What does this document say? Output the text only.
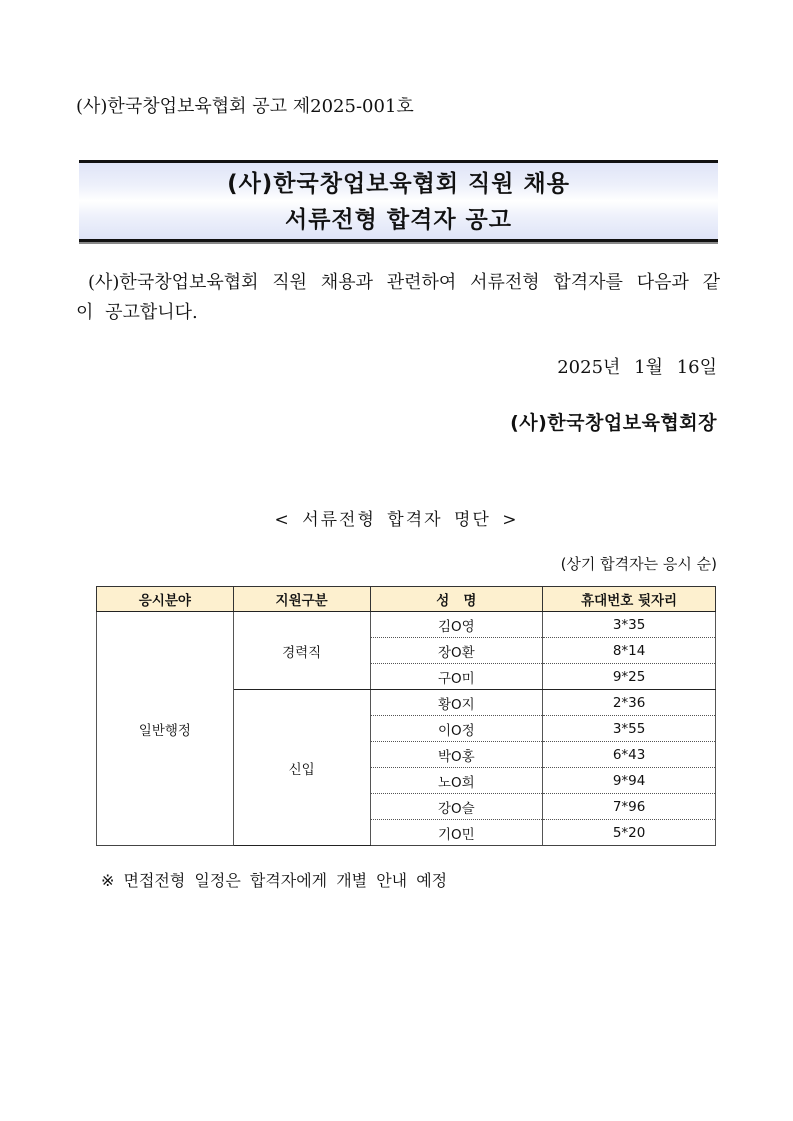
(사)한국창업보육협회 공고 제2025-001호
(사)한국창업보육협회 직원 채용
서류전형 합격자 공고
(사)한국창업보육협회 직원 채용과 관련하여 서류전형 합격자를 다음과 같이 공고합니다.
2025년 1월 16일
(사)한국창업보육협회장
< 서류전형 합격자 명단 >
(상기 합격자는 응시 순)
응시분야	지원구분	성   명	휴대번호 뒷자리
일반행정	경력직	김O영	3*35
		장O환	8*14
		구O미	9*25
	신입	황O지	2*36
		이O정	3*55
		박O홍	6*43
		노O희	9*94
		강O슬	7*96
		기O민	5*20
※ 면접전형 일정은 합격자에게 개별 안내 예정
